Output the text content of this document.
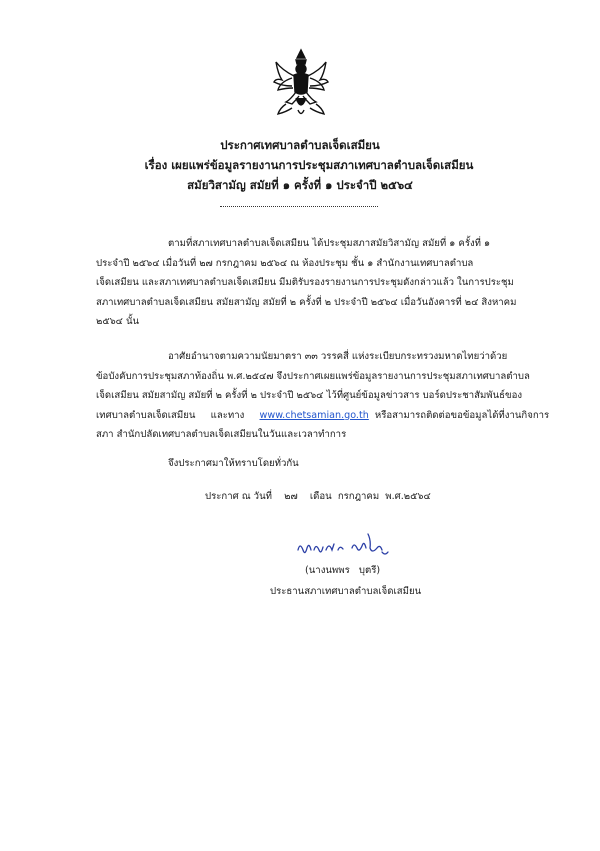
ประกาศเทศบาลตำบลเจ็ดเสมียน
เรื่อง เผยแพร่ข้อมูลรายงานการประชุมสภาเทศบาลตำบลเจ็ดเสมียน
สมัยวิสามัญ สมัยที่ ๑ ครั้งที่ ๑ ประจำปี ๒๕๖๔
ตามที่สภาเทศบาลตำบลเจ็ดเสมียน ได้ประชุมสภาสมัยวิสามัญ สมัยที่ ๑ ครั้งที่ ๑
ประจำปี ๒๕๖๔ เมื่อวันที่ ๒๗ กรกฎาคม ๒๕๖๔ ณ ห้องประชุม ชั้น ๑ สำนักงานเทศบาลตำบล
เจ็ดเสมียน และสภาเทศบาลตำบลเจ็ดเสมียน มีมติรับรองรายงานการประชุมดังกล่าวแล้ว ในการประชุม
สภาเทศบาลตำบลเจ็ดเสมียน สมัยสามัญ สมัยที่ ๒ ครั้งที่ ๒ ประจำปี ๒๕๖๔ เมื่อวันอังคารที่ ๒๔ สิงหาคม
๒๕๖๔ นั้น
อาศัยอำนาจตามความนัยมาตรา ๓๓ วรรคสี่ แห่งระเบียบกระทรวงมหาดไทยว่าด้วย
ข้อบังคับการประชุมสภาท้องถิ่น พ.ศ.๒๕๔๗ จึงประกาศเผยแพร่ข้อมูลรายงานการประชุมสภาเทศบาลตำบล
เจ็ดเสมียน สมัยสามัญ สมัยที่ ๒ ครั้งที่ ๒ ประจำปี ๒๕๖๔ ไว้ที่ศูนย์ข้อมูลข่าวสาร บอร์ดประชาสัมพันธ์ของ
เทศบาลตำบลเจ็ดเสมียน     และทาง     www.chetsamian.go.th  หรือสามารถติดต่อขอข้อมูลได้ที่งานกิจการ
สภา สำนักปลัดเทศบาลตำบลเจ็ดเสมียนในวันและเวลาทำการ
จึงประกาศมาให้ทราบโดยทั่วกัน
ประกาศ ณ วันที่    ๒๗    เดือน  กรกฎาคม  พ.ศ.๒๕๖๔
(นางนพพร   บุตรี)
ประธานสภาเทศบาลตำบลเจ็ดเสมียน
